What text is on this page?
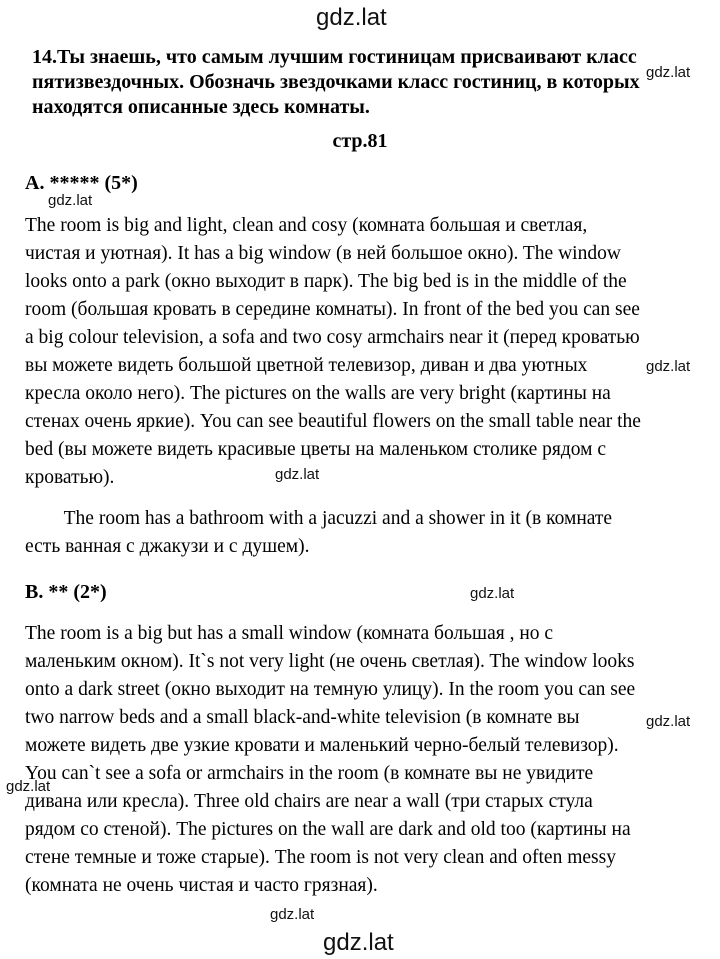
gdz.lat
gdz.lat
gdz.lat
gdz.lat
gdz.lat
gdz.lat
gdz.lat
gdz.lat
gdz.lat
gdz.lat
14.Ты знаешь, что самым лучшим гостиницам присваивают класс
пятизвездочных. Обозначь звездочками класс гостиниц, в которых
находятся описанные здесь комнаты.
стр.81
A. ***** (5*)

The room is big and light, clean and cosy (комната большая и светлая,

чистая и уютная). It has a big window (в ней большое окно). The window

looks onto a park (окно выходит в парк). The big bed is in the middle of the

room (большая кровать в середине комнаты). In front of the bed you can see

a big colour television, a sofa and two cosy armchairs near it (перед кроватью

вы можете видеть большой цветной телевизор, диван и два уютных

кресла около него). The pictures on the walls are very bright (картины на

стенах очень яркие). You can see beautiful flowers on the small table near the

bed (вы можете видеть красивые цветы на маленьком столике рядом с

кроватью).

The room has a bathroom with a jacuzzi and a shower in it (в комнате

есть ванная с джакузи и с душем).

B. ** (2*)

The room is a big but has a small window (комната большая , но с

маленьким окном). It`s not very light (не очень светлая). The window looks

onto a dark street (окно выходит на темную улицу). In the room you can see

two narrow beds and a small black-and-white television (в комнате вы

можете видеть две узкие кровати и маленький черно-белый телевизор).

You can`t see a sofa or armchairs in the room (в комнате вы не увидите

дивана или кресла). Three old chairs are near a wall (три старых стула

рядом со стеной). The pictures on the wall are dark and old too (картины на

стене темные и тоже старые). The room is not very clean and often messy

(комната не очень чистая и часто грязная).
